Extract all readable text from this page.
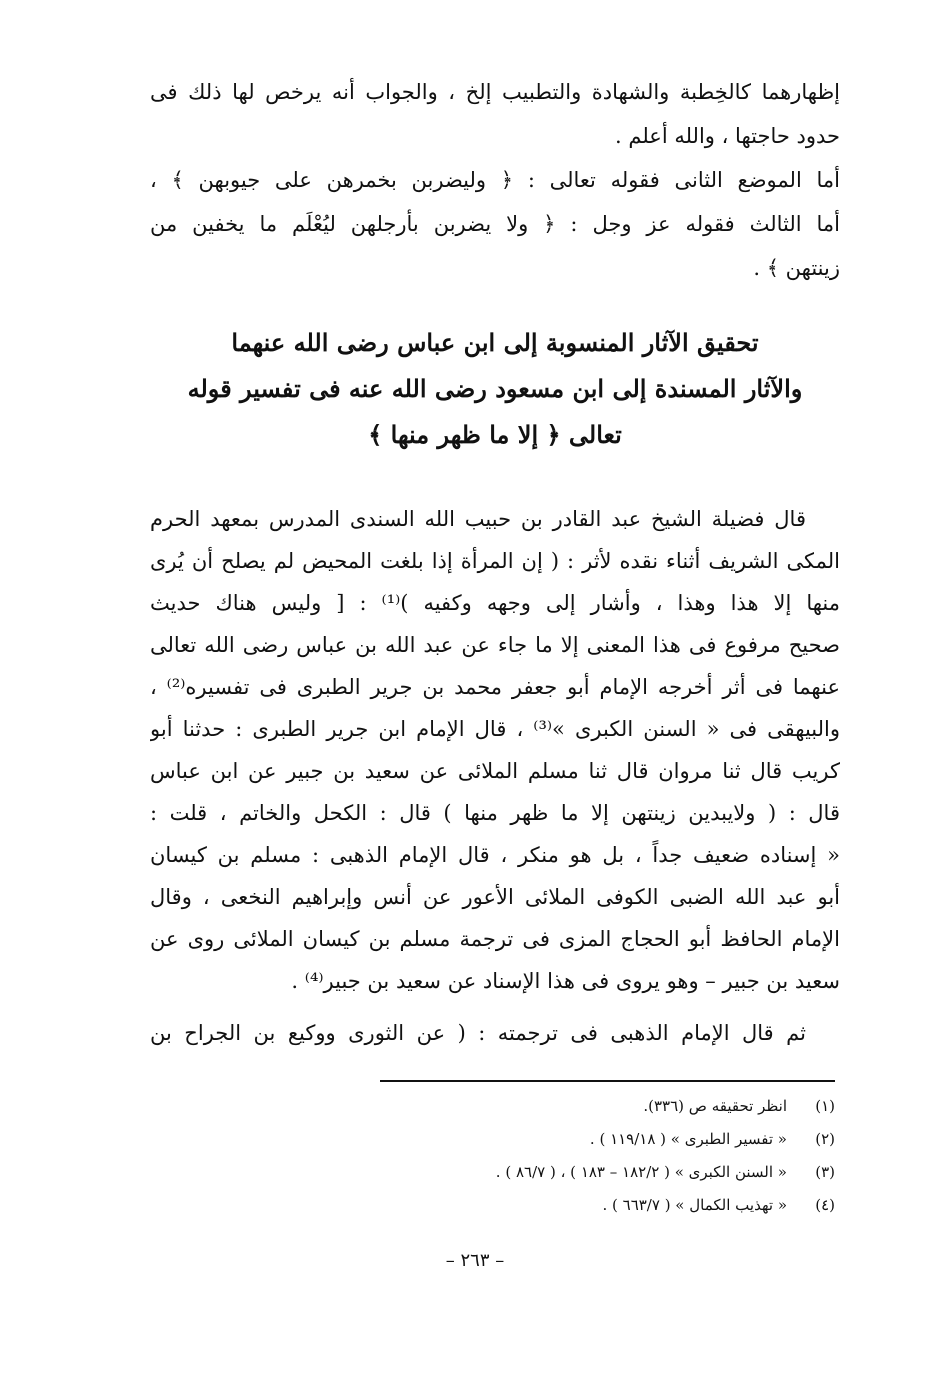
إظهارهما كالخِطبة والشهادة والتطبيب إلخ ، والجواب أنه يرخص لها ذلك فى
حدود حاجتها ، والله أعلم .
أما الموضع الثانى فقوله تعالى : ﴿ وليضربن بخمرهن على جيوبهن ﴾ ،
أما الثالث فقوله عز وجل : ﴿ ولا يضربن بأرجلهن ليُعْلَم ما يخفين من
زينتهن ﴾ .
تحقيق الآثار المنسوبة إلى ابن عباس رضى الله عنهما
والآثار المسندة إلى ابن مسعود رضى الله عنه فى تفسير قوله
تعالى ﴿ إلا ما ظهر منها ﴾
قال فضيلة الشيخ عبد القادر بن حبيب الله السندى المدرس بمعهد الحرم
المكى الشريف أثناء نقده لأثر : ( إن المرأة إذا بلغت المحيض لم يصلح أن يُرى
منها إلا هذا وهذا ، وأشار إلى وجهه وكفيه )⁽¹⁾ : [ وليس هناك حديث
صحيح مرفوع فى هذا المعنى إلا ما جاء عن عبد الله بن عباس رضى الله تعالى
عنهما فى أثر أخرجه الإمام أبو جعفر محمد بن جرير الطبرى فى تفسيره⁽²⁾ ،
والبيهقى فى « السنن الكبرى »⁽³⁾ ، قال الإمام ابن جرير الطبرى : حدثنا أبو
كريب قال ثنا مروان قال ثنا مسلم الملائى عن سعيد بن جبير عن ابن عباس
قال : ( ولايبدين زينتهن إلا ما ظهر منها ) قال : الكحل والخاتم ، قلت :
« إسناده ضعيف جداً ، بل هو منكر ، قال الإمام الذهبى : مسلم بن كيسان
أبو عبد الله الضبى الكوفى الملائى الأعور عن أنس وإبراهيم النخعى ، وقال
الإمام الحافظ أبو الحجاج المزى فى ترجمة مسلم بن كيسان الملائى روى عن
سعيد بن جبير – وهو يروى فى هذا الإسناد عن سعيد بن جبير⁽⁴⁾ .
ثم قال الإمام الذهبى فى ترجمته : ( عن الثورى ووكيع بن الجراح بن
(١)
انظر تحقيقه ص (٣٣٦).
(٢)
« تفسير الطبرى » ( ١١٩/١٨ ) .
(٣)
« السنن الكبرى » ( ١٨٢/٢ – ١٨٣ ) ، ( ٨٦/٧ ) .
(٤)
« تهذيب الكمال » ( ٦٦٣/٧ ) .
– ٢٦٣ –
